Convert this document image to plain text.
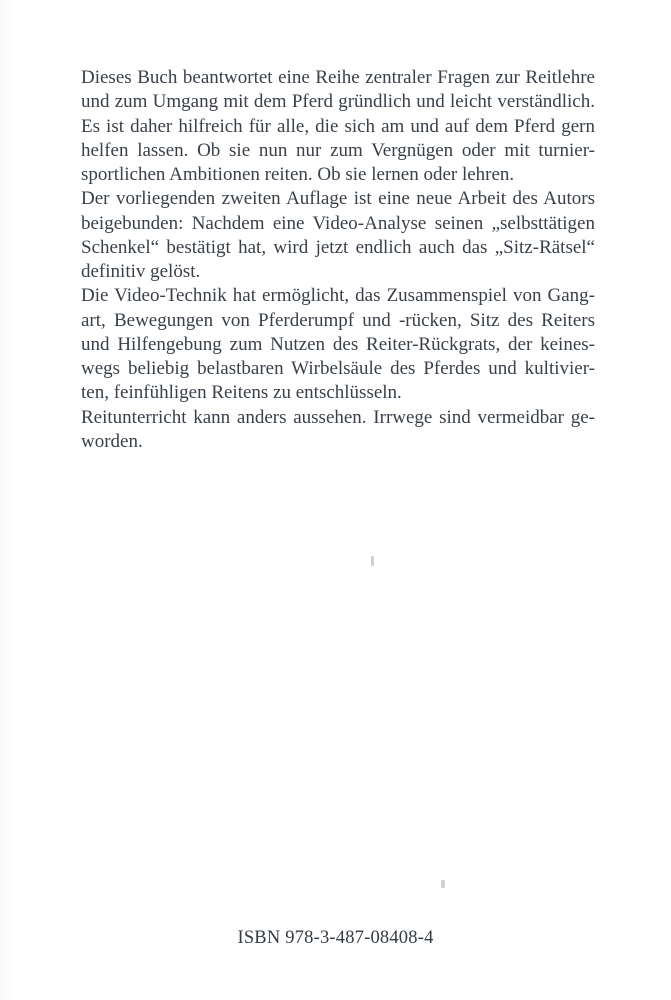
Dieses Buch beantwortet eine Reihe zentraler Fragen zur Reitlehre
und zum Umgang mit dem Pferd gründlich und leicht verständlich.
Es ist daher hilfreich für alle, die sich am und auf dem Pferd gern
helfen lassen. Ob sie nun nur zum Vergnügen oder mit turnier-
sportlichen Ambitionen reiten. Ob sie lernen oder lehren.
Der vorliegenden zweiten Auflage ist eine neue Arbeit des Autors
beigebunden: Nachdem eine Video-Analyse seinen „selbsttätigen
Schenkel“ bestätigt hat, wird jetzt endlich auch das „Sitz-Rätsel“
definitiv gelöst.
Die Video-Technik hat ermöglicht, das Zusammenspiel von Gang-
art, Bewegungen von Pferderumpf und -rücken, Sitz des Reiters
und Hilfengebung zum Nutzen des Reiter-Rückgrats, der keines-
wegs beliebig belastbaren Wirbelsäule des Pferdes und kultivier-
ten, feinfühligen Reitens zu entschlüsseln.
Reitunterricht kann anders aussehen. Irrwege sind vermeidbar ge-
worden.
ISBN 978-3-487-08408-4
